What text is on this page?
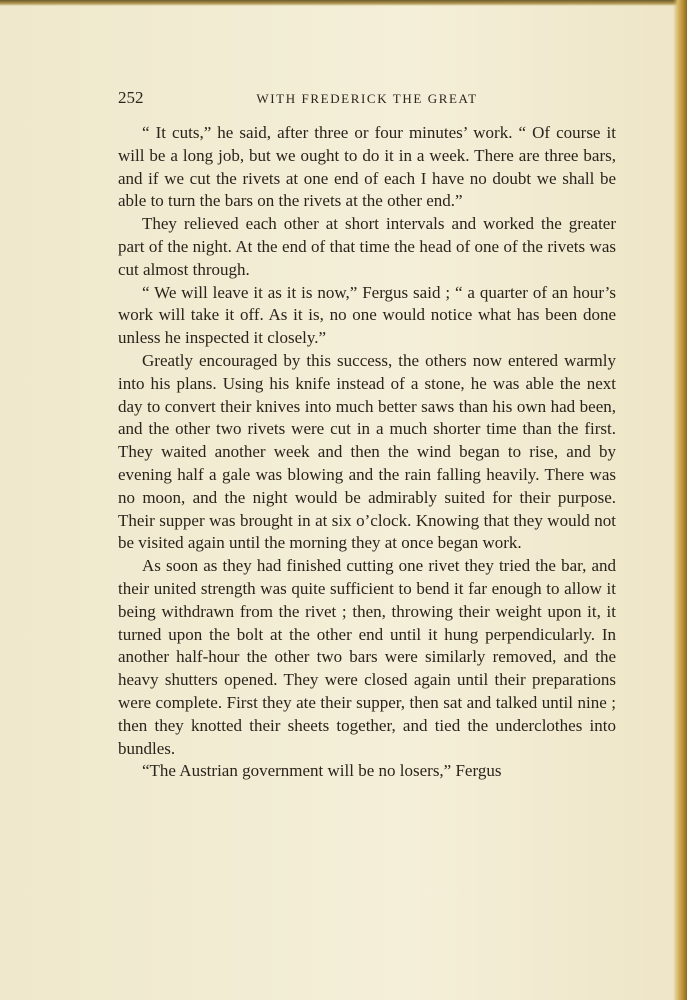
252	WITH FREDERICK THE GREAT

“ It cuts,” he said, after three or four minutes’ work. “ Of course it will be a long job, but we ought to do it in a week. There are three bars, and if we cut the rivets at one end of each I have no doubt we shall be able to turn the bars on the rivets at the other end.”

They relieved each other at short intervals and worked the greater part of the night. At the end of that time the head of one of the rivets was cut almost through.

“ We will leave it as it is now,” Fergus said ; “ a quarter of an hour’s work will take it off. As it is, no one would notice what has been done unless he inspected it closely.”

Greatly encouraged by this success, the others now entered warmly into his plans. Using his knife instead of a stone, he was able the next day to convert their knives into much better saws than his own had been, and the other two rivets were cut in a much shorter time than the first. They waited another week and then the wind began to rise, and by evening half a gale was blowing and the rain falling heavily. There was no moon, and the night would be admirably suited for their purpose. Their supper was brought in at six o’clock. Knowing that they would not be visited again until the morning they at once began work.

As soon as they had finished cutting one rivet they tried the bar, and their united strength was quite sufficient to bend it far enough to allow it being withdrawn from the rivet ; then, throwing their weight upon it, it turned upon the bolt at the other end until it hung perpendicularly. In another half-hour the other two bars were similarly removed, and the heavy shutters opened. They were closed again until their preparations were complete. First they ate their supper, then sat and talked until nine ; then they knotted their sheets together, and tied the underclothes into bundles.

“The Austrian government will be no losers,” Fergus
